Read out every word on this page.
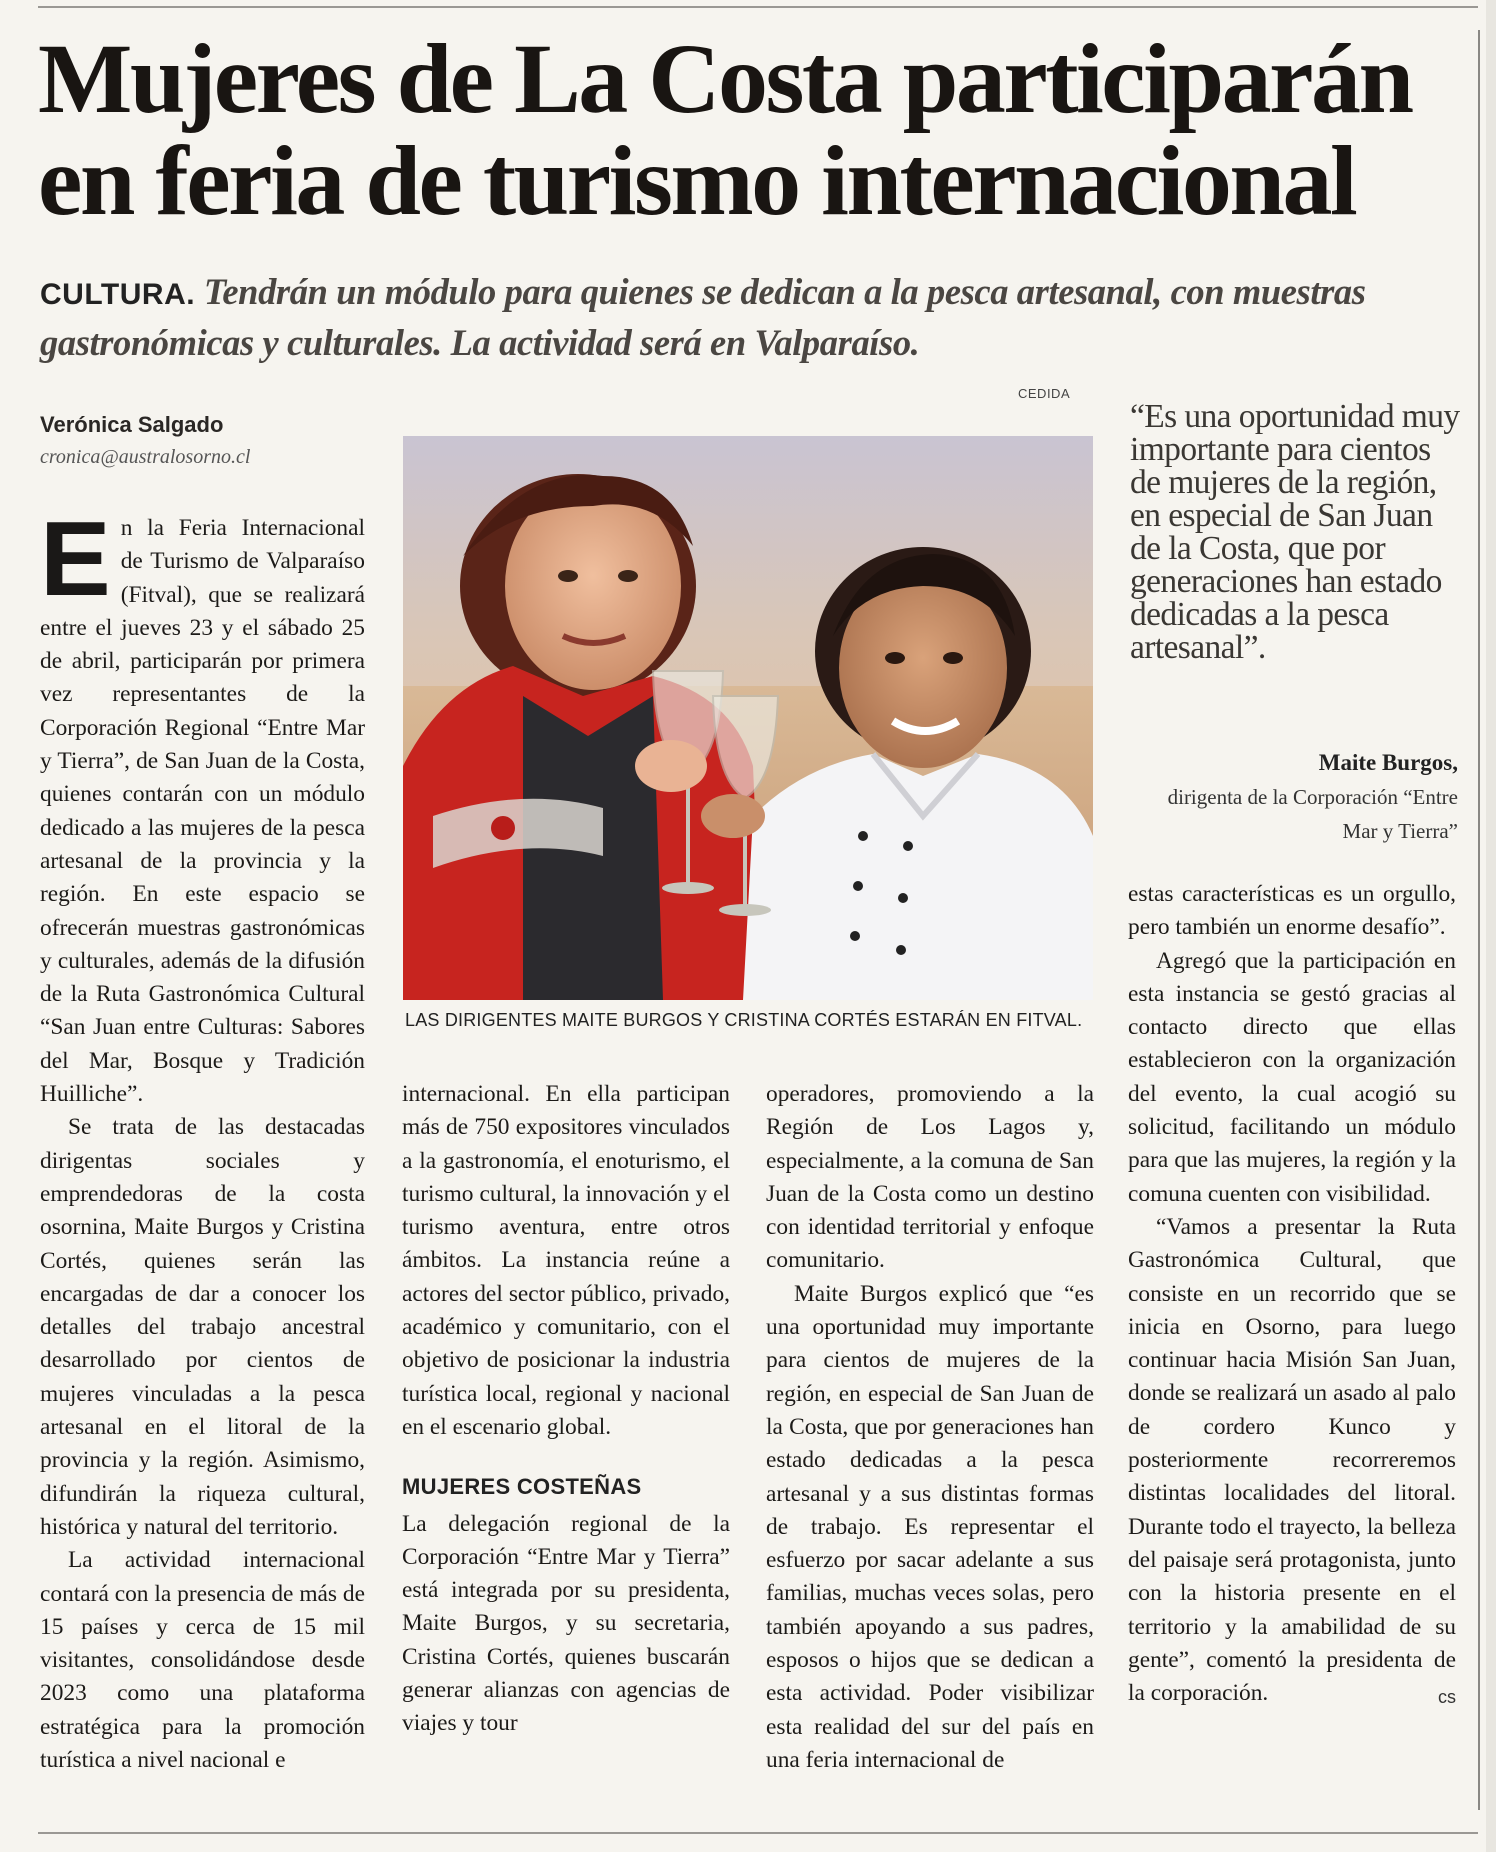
Mujeres de La Costa participarán en feria de turismo internacional

CULTURA. Tendrán un módulo para quienes se dedican a la pesca artesanal, con muestras gastronómicas y culturales. La actividad será en Valparaíso.

Verónica Salgado
cronica@australosorno.cl

En la Feria Internacional de Turismo de Valparaíso (Fitval), que se realizará entre el jueves 23 y el sábado 25 de abril, participarán por primera vez representantes de la Corporación Regional “Entre Mar y Tierra”, de San Juan de la Costa, quienes contarán con un módulo dedicado a las mujeres de la pesca artesanal de la provincia y la región. En este espacio se ofrecerán muestras gastronómicas y culturales, además de la difusión de la Ruta Gastronómica Cultural “San Juan entre Culturas: Sabores del Mar, Bosque y Tradición Huilliche”.

Se trata de las destacadas dirigentas sociales y emprendedoras de la costa osornina, Maite Burgos y Cristina Cortés, quienes serán las encargadas de dar a conocer los detalles del trabajo ancestral desarrollado por cientos de mujeres vinculadas a la pesca artesanal en el litoral de la provincia y la región. Asimismo, difundirán la riqueza cultural, histórica y natural del territorio.

La actividad internacional contará con la presencia de más de 15 países y cerca de 15 mil visitantes, consolidándose desde 2023 como una plataforma estratégica para la promoción turística a nivel nacional e

CEDIDA
LAS DIRIGENTES MAITE BURGOS Y CRISTINA CORTÉS ESTARÁN EN FITVAL.

“Es una oportunidad muy importante para cientos de mujeres de la región, en especial de San Juan de la Costa, que por generaciones han estado dedicadas a la pesca artesanal”.

Maite Burgos,
dirigenta de la Corporación “Entre Mar y Tierra”

internacional. En ella participan más de 750 expositores vinculados a la gastronomía, el enoturismo, el turismo cultural, la innovación y el turismo aventura, entre otros ámbitos. La instancia reúne a actores del sector público, privado, académico y comunitario, con el objetivo de posicionar la industria turística local, regional y nacional en el escenario global.

MUJERES COSTEÑAS

La delegación regional de la Corporación “Entre Mar y Tierra” está integrada por su presidenta, Maite Burgos, y su secretaria, Cristina Cortés, quienes buscarán generar alianzas con agencias de viajes y tour

operadores, promoviendo a la Región de Los Lagos y, especialmente, a la comuna de San Juan de la Costa como un destino con identidad territorial y enfoque comunitario.

Maite Burgos explicó que “es una oportunidad muy importante para cientos de mujeres de la región, en especial de San Juan de la Costa, que por generaciones han estado dedicadas a la pesca artesanal y a sus distintas formas de trabajo. Es representar el esfuerzo por sacar adelante a sus familias, muchas veces solas, pero también apoyando a sus padres, esposos o hijos que se dedican a esta actividad. Poder visibilizar esta realidad del sur del país en una feria internacional de

estas características es un orgullo, pero también un enorme desafío”.

Agregó que la participación en esta instancia se gestó gracias al contacto directo que ellas establecieron con la organización del evento, la cual acogió su solicitud, facilitando un módulo para que las mujeres, la región y la comuna cuenten con visibilidad.

“Vamos a presentar la Ruta Gastronómica Cultural, que consiste en un recorrido que se inicia en Osorno, para luego continuar hacia Misión San Juan, donde se realizará un asado al palo de cordero Kunco y posteriormente recorreremos distintas localidades del litoral. Durante todo el trayecto, la belleza del paisaje será protagonista, junto con la historia presente en el territorio y la amabilidad de su gente”, comentó la presidenta de la corporación.	cs
